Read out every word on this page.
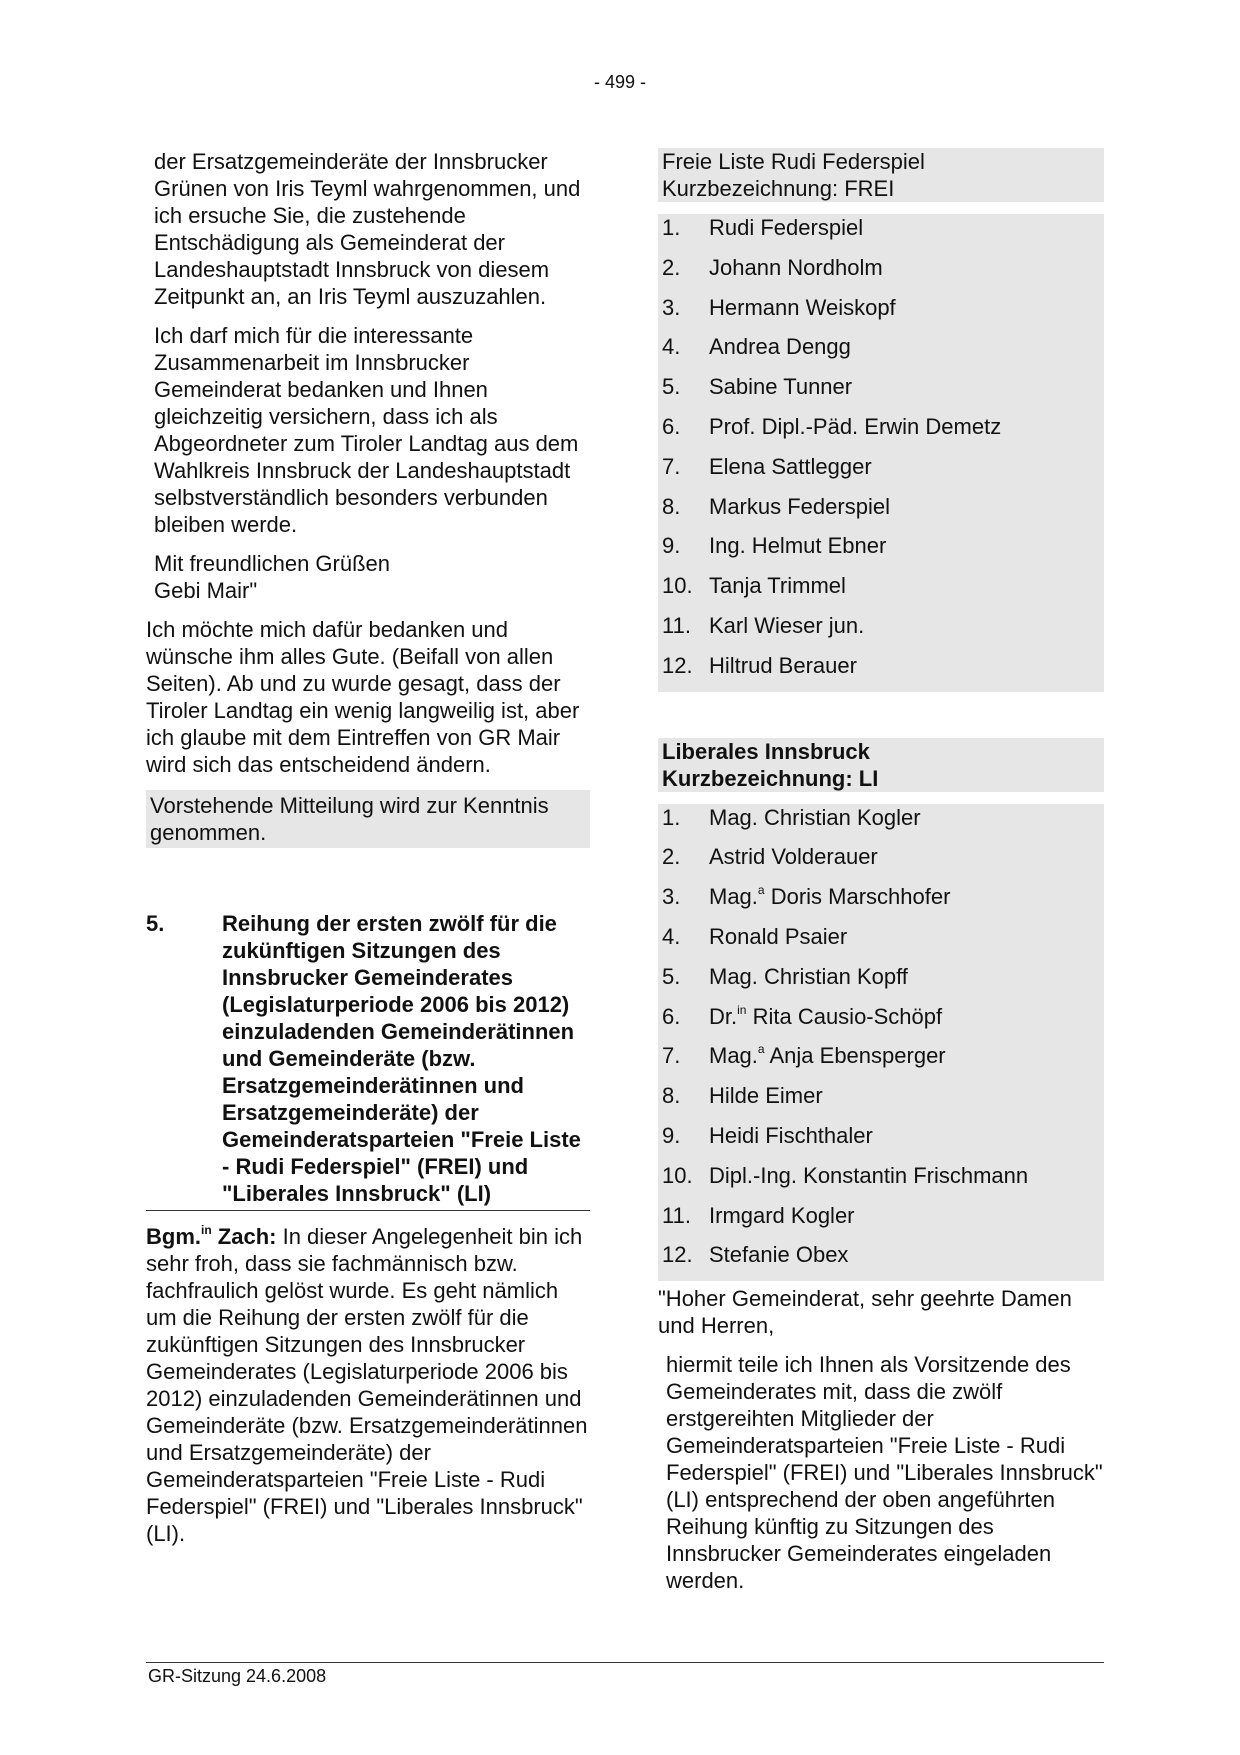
- 499 -

der Ersatzgemeinderäte der Innsbrucker Grünen von Iris Teyml wahrgenommen, und ich ersuche Sie, die zustehende Entschädigung als Gemeinderat der Landeshauptstadt Innsbruck von diesem Zeitpunkt an, an Iris Teyml auszuzahlen.

Ich darf mich für die interessante Zusammenarbeit im Innsbrucker Gemeinderat bedanken und Ihnen gleichzeitig versichern, dass ich als Abgeordneter zum Tiroler Landtag aus dem Wahlkreis Innsbruck der Landeshauptstadt selbstverständlich besonders verbunden bleiben werde.

Mit freundlichen Grüßen

Gebi Mair"

Ich möchte mich dafür bedanken und wünsche ihm alles Gute. (Beifall von allen Seiten). Ab und zu wurde gesagt, dass der Tiroler Landtag ein wenig langweilig ist, aber ich glaube mit dem Eintreffen von GR Mair wird sich das entscheidend ändern.

Vorstehende Mitteilung wird zur Kenntnis genommen.

5.	Reihung der ersten zwölf für die zukünftigen Sitzungen des Innsbrucker Gemeinderates (Legislaturperiode 2006 bis 2012) einzuladenden Gemeinderätinnen und Gemeinderäte (bzw. Ersatzgemeinderätinnen und Ersatzgemeinderäte) der Gemeinderatsparteien "Freie Liste - Rudi Federspiel" (FREI) und "Liberales Innsbruck" (LI)

Bgm.$^{in}$ Zach: In dieser Angelegenheit bin ich sehr froh, dass sie fachmännisch bzw. fachfraulich gelöst wurde. Es geht nämlich um die Reihung der ersten zwölf für die zukünftigen Sitzungen des Innsbrucker Gemeinderates (Legislaturperiode 2006 bis 2012) einzuladenden Gemeinderätinnen und Gemeinderäte (bzw. Ersatzgemeinderätinnen und Ersatzgemeinderäte) der Gemeinderatsparteien "Freie Liste - Rudi Federspiel" (FREI) und "Liberales Innsbruck" (LI).

Freie Liste Rudi Federspiel
Kurzbezeichnung: FREI
1.	Rudi Federspiel
2.	Johann Nordholm
3.	Hermann Weiskopf
4.	Andrea Dengg
5.	Sabine Tunner
6.	Prof. Dipl.-Päd. Erwin Demetz
7.	Elena Sattlegger
8.	Markus Federspiel
9.	Ing. Helmut Ebner
10. Tanja Trimmel
11. Karl Wieser jun.
12. Hiltrud Berauer
Liberales Innsbruck
Kurzbezeichnung: LI
1.	Mag. Christian Kogler
2.	Astrid Volderauer
3.	Mag.$^a$ Doris Marschhofer
4.	Ronald Psaier
5.	Mag. Christian Kopff
6.	Dr.$^{in}$ Rita Causio-Schöpf
7.	Mag.$^a$ Anja Ebensperger
8.	Hilde Eimer
9.	Heidi Fischthaler
10. Dipl.-Ing. Konstantin Frischmann
11. Irmgard Kogler
12. Stefanie Obex

"Hoher Gemeinderat, sehr geehrte Damen und Herren,

hiermit teile ich Ihnen als Vorsitzende des Gemeinderates mit, dass die zwölf erstgereihten Mitglieder der Gemeinderatsparteien "Freie Liste - Rudi Federspiel" (FREI) und "Liberales Innsbruck" (LI) entsprechend der oben angeführten Reihung künftig zu Sitzungen des Innsbrucker Gemeinderates eingeladen werden.

GR-Sitzung 24.6.2008
